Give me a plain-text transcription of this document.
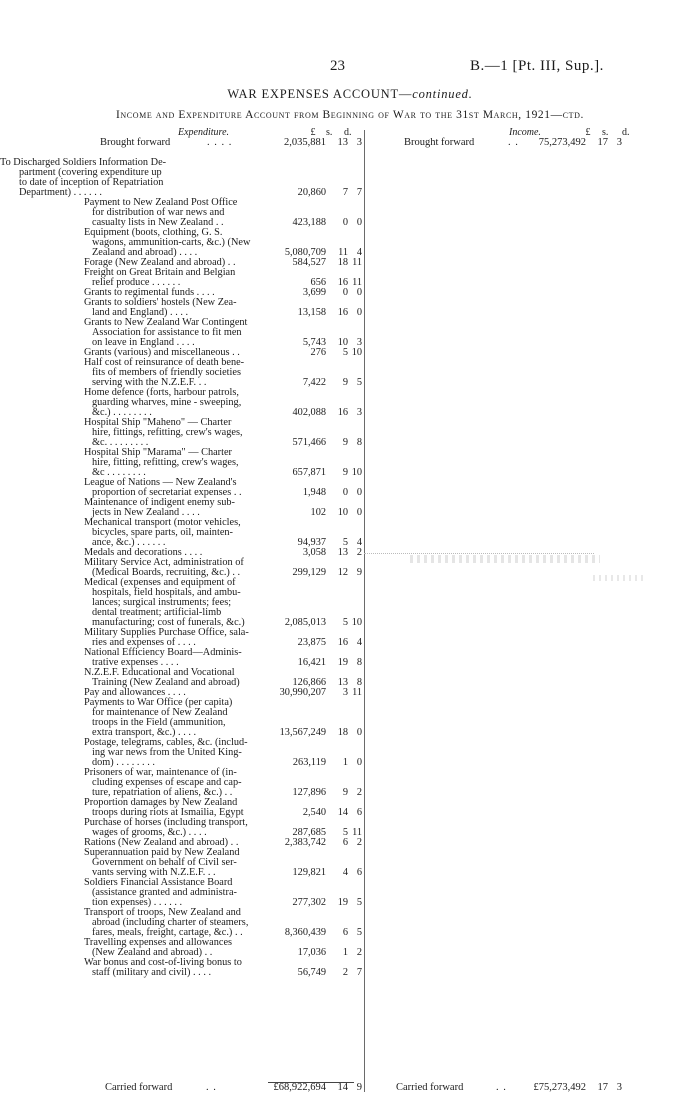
23	B.—1 [Pt. III, Sup.].
WAR EXPENSES ACCOUNT—continued.
Income and Expenditure Account from Beginning of War to the 31st March, 1921—ctd.
Expenditure.	£	s. d.	Income.	£	s. d.
Brought forward	. . . .	2,035,881	13 3	Brought forward	. . 75,273,492	17 3
To Discharged Soldiers Information De-
partment (covering expenditure up
to date of inception of Repatriation
Department) . . . . . .	20,860	7 7
Payment to New Zealand Post Office
for distribution of war news and
casualty lists in New Zealand . .	423,188	0 0
Equipment (boots, clothing, G. S.
wagons, ammunition-carts, &c.) (New
Zealand and abroad) . . . .	5,080,709	11 4
Forage (New Zealand and abroad) . .	584,527	18 11
Freight on Great Britain and Belgian
relief produce . . . . . .	656	16 11
Grants to regimental funds . . . .	3,699	0 0
Grants to soldiers' hostels (New Zea-
land and England) . . . .	13,158	16 0
Grants to New Zealand War Contingent
Association for assistance to fit men
on leave in England . . . .	5,743	10 3
Grants (various) and miscellaneous . .	276	5 10
Half cost of reinsurance of death bene-
fits of members of friendly societies
serving with the N.Z.E.F. . .	7,422	9 5
Home defence (forts, harbour patrols,
guarding wharves, mine - sweeping,
&c.) . . . . . . . .	402,088	16 3
Hospital Ship "Maheno" — Charter
hire, fittings, refitting, crew's wages,
&c. . . . . . . . .	571,466	9 8
Hospital Ship "Marama" — Charter
hire, fitting, refitting, crew's wages,
&c . . . . . . . .	657,871	9 10
League of Nations — New Zealand's
proportion of secretariat expenses . .	1,948	0 0
Maintenance of indigent enemy sub-
jects in New Zealand . . . .	102	10 0
Mechanical transport (motor vehicles,
bicycles, spare parts, oil, mainten-
ance, &c.) . . . . . .	94,937	5 4
Medals and decorations . . . .	3,058	13 2
Military Service Act, administration of
(Medical Boards, recruiting, &c.) . .	299,129	12 9
Medical (expenses and equipment of
hospitals, field hospitals, and ambu-
lances; surgical instruments; fees;
dental treatment; artificial-limb
manufacturing; cost of funerals, &c.)	2,085,013	5 10
Military Supplies Purchase Office, sala-
ries and expenses of . . . .	23,875	16 4
National Efficiency Board—Adminis-
trative expenses . . . .	16,421	19 8
N.Z.E.F. Educational and Vocational
Training (New Zealand and abroad)	126,866	13 8
Pay and allowances . . . .	30,990,207	3 11
Payments to War Office (per capita)
for maintenance of New Zealand
troops in the Field (ammunition,
extra transport, &c.) . . . .	13,567,249	18 0
Postage, telegrams, cables, &c. (includ-
ing war news from the United King-
dom) . . . . . . . .	263,119	1 0
Prisoners of war, maintenance of (in-
cluding expenses of escape and cap-
ture, repatriation of aliens, &c.) . .	127,896	9 2
Proportion damages by New Zealand
troops during riots at Ismailia, Egypt	2,540	14 6
Purchase of horses (including transport,
wages of grooms, &c.) . . . .	287,685	5 11
Rations (New Zealand and abroad) . .	2,383,742	6 2
Superannuation paid by New Zealand
Government on behalf of Civil ser-
vants serving with N.Z.E.F. . .	129,821	4 6
Soldiers Financial Assistance Board
(assistance granted and administra-
tion expenses) . . . . . .	277,302	19 5
Transport of troops, New Zealand and
abroad (including charter of steamers,
fares, meals, freight, cartage, &c.) . .	8,360,439	6 5
Travelling expenses and allowances
(New Zealand and abroad) . .	17,036	1 2
War bonus and cost-of-living bonus to
staff (military and civil) . . . .	56,749	2 7
Carried forward	. .	£68,922,694	14 9	Carried forward	. .	£75,273,492	17 3
